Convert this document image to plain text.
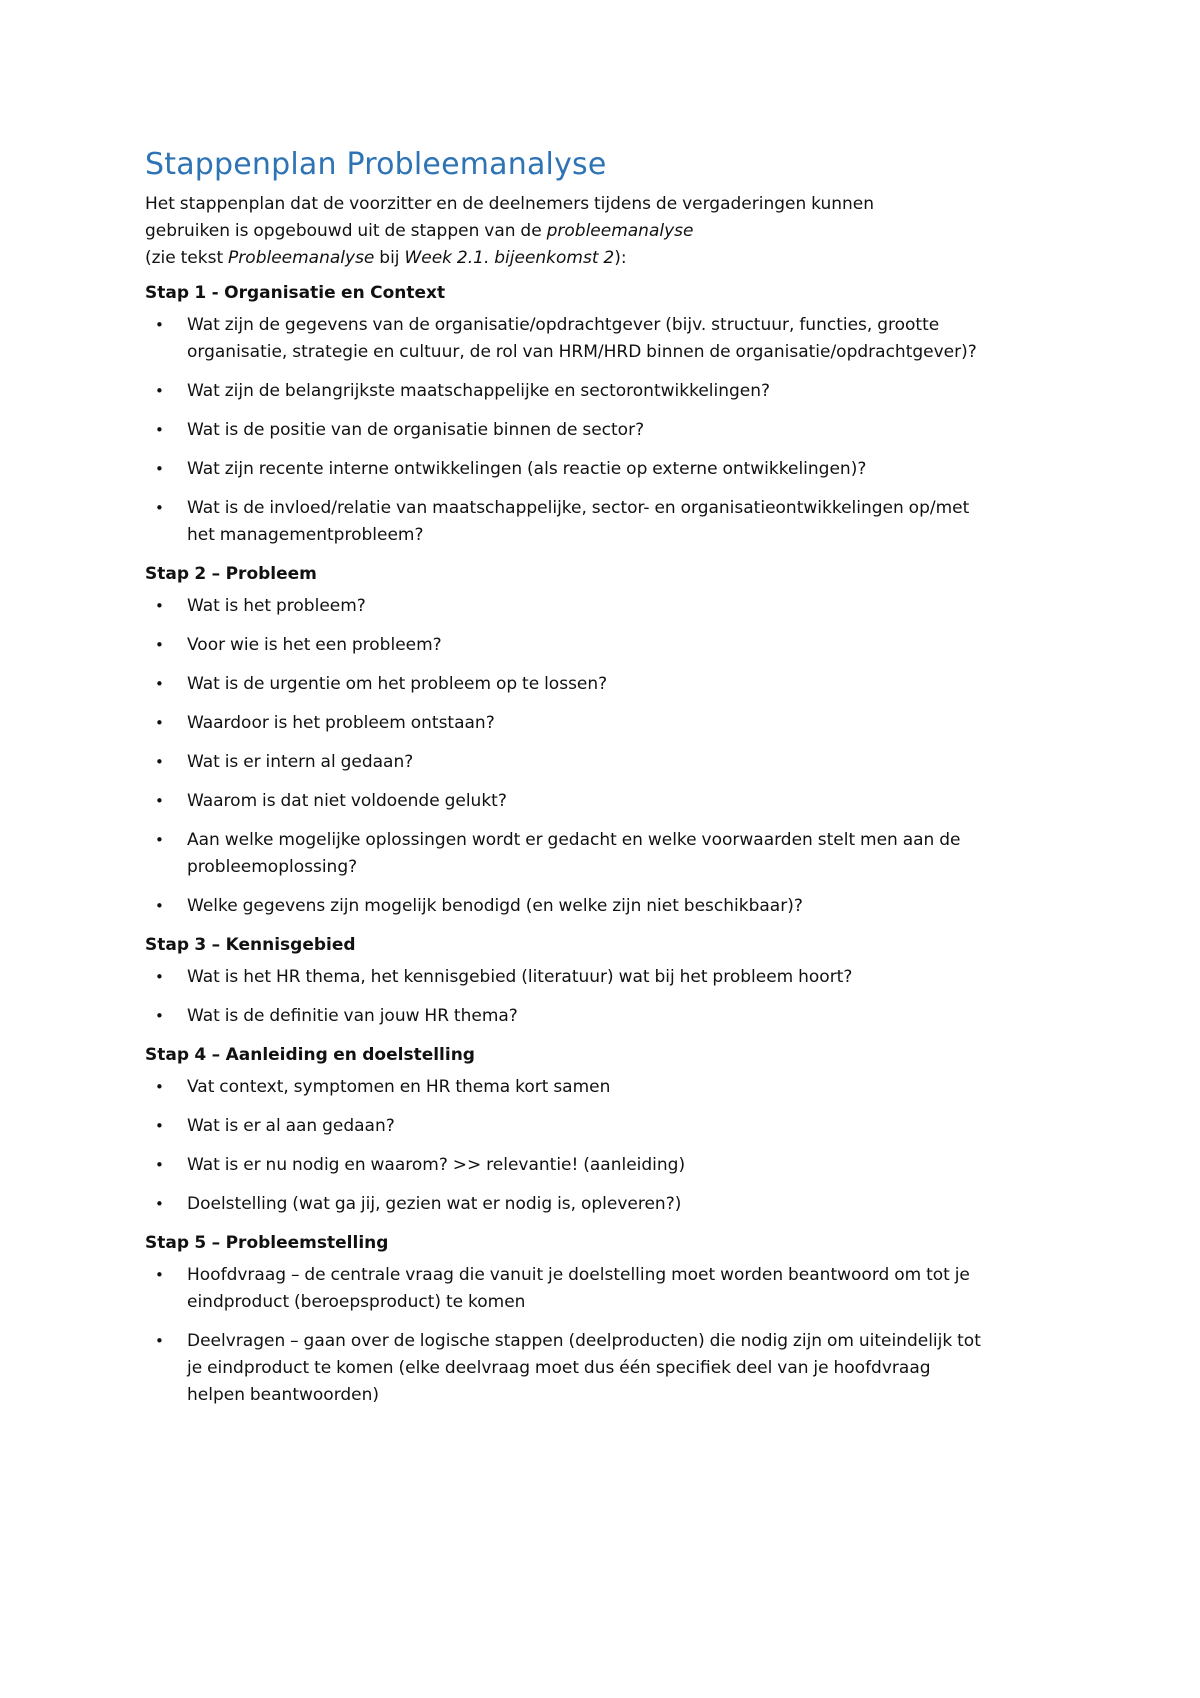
Stappenplan Probleemanalyse

Het stappenplan dat de voorzitter en de deelnemers tijdens de vergaderingen kunnen
gebruiken is opgebouwd uit de stappen van de probleemanalyse
(zie tekst Probleemanalyse bij Week 2.1. bijeenkomst 2):

Stap 1 - Organisatie en Context
• Wat zijn de gegevens van de organisatie/opdrachtgever (bijv. structuur, functies, grootte organisatie, strategie en cultuur, de rol van HRM/HRD binnen de organisatie/opdrachtgever)?
• Wat zijn de belangrijkste maatschappelijke en sectorontwikkelingen?
• Wat is de positie van de organisatie binnen de sector?
• Wat zijn recente interne ontwikkelingen (als reactie op externe ontwikkelingen)?
• Wat is de invloed/relatie van maatschappelijke, sector- en organisatieontwikkelingen op/met het managementprobleem?
Stap 2 – Probleem
• Wat is het probleem?
• Voor wie is het een probleem?
• Wat is de urgentie om het probleem op te lossen?
• Waardoor is het probleem ontstaan?
• Wat is er intern al gedaan?
• Waarom is dat niet voldoende gelukt?
• Aan welke mogelijke oplossingen wordt er gedacht en welke voorwaarden stelt men aan de probleemoplossing?
• Welke gegevens zijn mogelijk benodigd (en welke zijn niet beschikbaar)?
Stap 3 – Kennisgebied
• Wat is het HR thema, het kennisgebied (literatuur) wat bij het probleem hoort?
• Wat is de definitie van jouw HR thema?
Stap 4 – Aanleiding en doelstelling
• Vat context, symptomen en HR thema kort samen
• Wat is er al aan gedaan?
• Wat is er nu nodig en waarom? >> relevantie! (aanleiding)
• Doelstelling (wat ga jij, gezien wat er nodig is, opleveren?)
Stap 5 – Probleemstelling
• Hoofdvraag – de centrale vraag die vanuit je doelstelling moet worden beantwoord om tot je eindproduct (beroepsproduct) te komen
• Deelvragen – gaan over de logische stappen (deelproducten) die nodig zijn om uiteindelijk tot je eindproduct te komen (elke deelvraag moet dus één specifiek deel van je hoofdvraag helpen beantwoorden)
